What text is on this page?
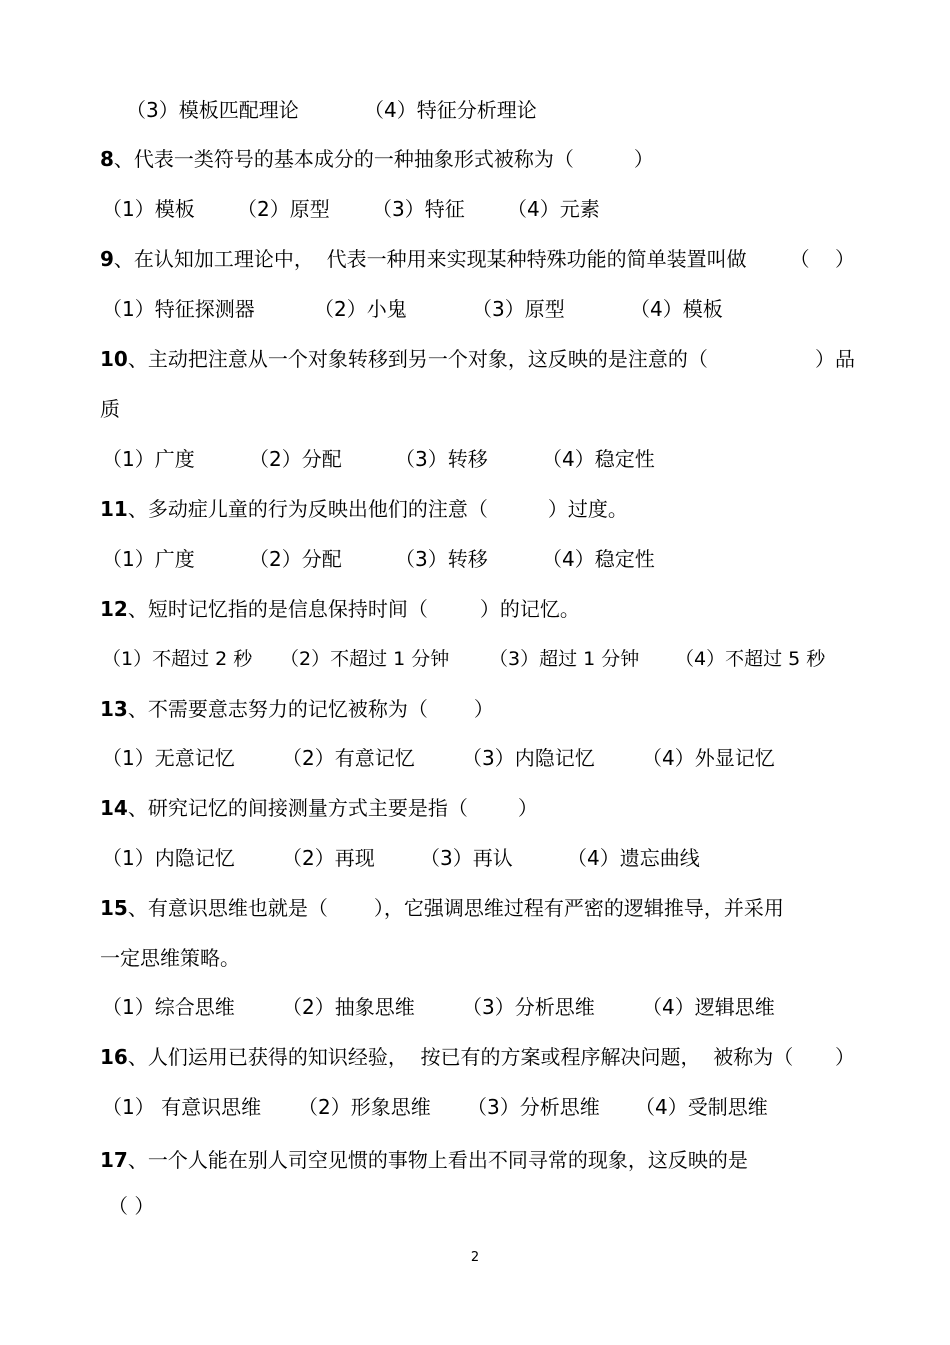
（3）模板匹配理论	（4）特征分析理论
8、代表一类符号的基本成分的一种抽象形式被称为（	）
（1）模板 （2）原型 （3）特征 （4）元素
9、在认知加工理论中，  代表一种用来实现某种特殊功能的简单装置叫做 （    ）
（1）特征探测器	（2）小鬼	（3）原型	（4）模板
10、主动把注意从一个对象转移到另一个对象，这反映的是注意的（	）品
质
（1）广度	（2）分配	（3）转移	（4）稳定性
11、多动症儿童的行为反映出他们的注意（	）过度。
（1）广度	（2）分配	（3）转移	（4）稳定性
12、短时记忆指的是信息保持时间（	）的记忆。
（1）不超过 2 秒 （2）不超过 1 分钟 （3）超过 1 分钟 （4）不超过 5 秒
13、不需要意志努力的记忆被称为（ ）
（1）无意记忆 （2）有意记忆 （3）内隐记忆 （4）外显记忆
14、研究记忆的间接测量方式主要是指（	）
（1）内隐记忆 （2）再现 （3）再认	（4）遗忘曲线
15、有意识思维也就是（ ），它强调思维过程有严密的逻辑推导，并采用
一定思维策略。
（1）综合思维 （2）抽象思维 （3）分析思维 （4）逻辑思维
16、人们运用已获得的知识经验，  按已有的方案或程序解决问题，  被称为（ ）
（1） 有意识思维 （2）形象思维 （3）分析思维 （4）受制思维
17、一个人能在别人司空见惯的事物上看出不同寻常的现象，这反映的是
（ ）
2
